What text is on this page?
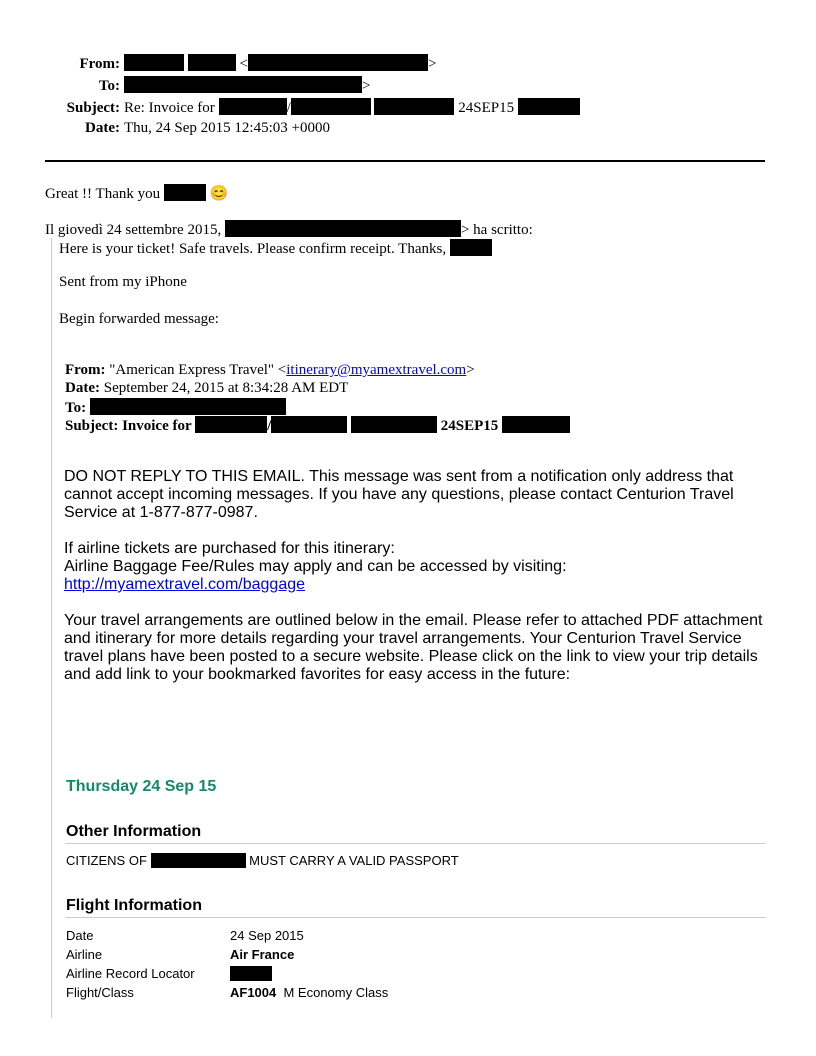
From:	<	>
To:	>
Subject: Re: Invoice for	/	24SEP15
Date: Thu, 24 Sep 2015 12:45:03 +0000
Great !! Thank you	😊
Il giovedì 24 settembre 2015,	> ha scritto:
Here is your ticket! Safe travels. Please confirm receipt. Thanks,
Sent from my iPhone
Begin forwarded message:
From: "American Express Travel" <itinerary@myamextravel.com>
Date: September 24, 2015 at 8:34:28 AM EDT
To:
Subject: Invoice for	/	24SEP15

DO NOT REPLY TO THIS EMAIL. This message was sent from a notification only address that cannot accept incoming messages. If you have any questions, please contact Centurion Travel Service at 1-877-877-0987.

If airline tickets are purchased for this itinerary:

Airline Baggage Fee/Rules may apply and can be accessed by visiting:

http://myamextravel.com/baggage

Your travel arrangements are outlined below in the email. Please refer to attached PDF attachment and itinerary for more details regarding your travel arrangements. Your Centurion Travel Service travel plans have been posted to a secure website. Please click on the link to view your trip details and add link to your bookmarked favorites for easy access in the future:

Thursday 24 Sep 15
Other Information
CITIZENS OF	MUST CARRY A VALID PASSPORT
Flight Information
Date	24 Sep 2015
Airline	Air France
Airline Record Locator
Flight/Class	AF1004 M Economy Class
